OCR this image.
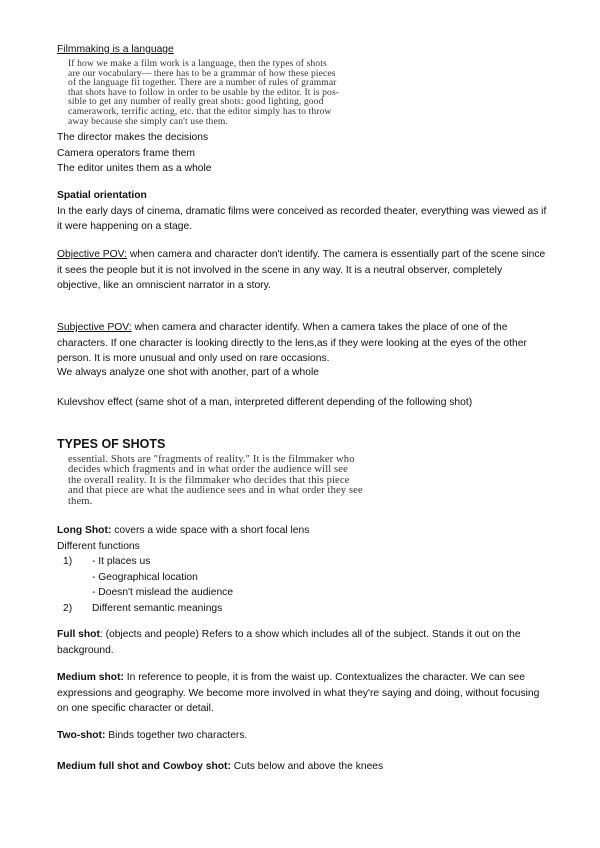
Filmmaking is a language
If how we make a film work is a language, then the types of shots
are our vocabulary— there has to be a grammar of how these pieces
of the language fit together. There are a number of rules of grammar
that shots have to follow in order to be usable by the editor. It is pos-
sible to get any number of really great shots: good lighting, good
camerawork, terrific acting, etc. that the editor simply has to throw
away because she simply can't use them.
The director makes the decisions
Camera operators frame them
The editor unites them as a whole
Spatial orientation
In the early days of cinema, dramatic films were conceived as recorded theater, everything was viewed as if it were happening on a stage.
Objective POV: when camera and character don't identify. The camera is essentially part of the scene since it sees the people but it is not involved in the scene in any way. It is a neutral observer, completely objective, like an omniscient narrator in a story.
Subjective POV: when camera and character identify. When a camera takes the place of one of the characters. If one character is looking directly to the lens,as if they were looking at the eyes of the other person. It is more unusual and only used on rare occasions.
We always analyze one shot with another, part of a whole
Kulevshov effect (same shot of a man, interpreted different depending of the following shot)
TYPES OF SHOTS
essential. Shots are "fragments of reality." It is the filmmaker who
decides which fragments and in what order the audience will see
the overall reality. It is the filmmaker who decides that this piece
and that piece are what the audience sees and in what order they see
them.
Long Shot: covers a wide space with a short focal lens
Different functions
1) - It places us
- Geographical location
- Doesn't mislead the audience
2) Different semantic meanings
Full shot: (objects and people) Refers to a show which includes all of the subject. Stands it out on the background.
Medium shot: In reference to people, it is from the waist up. Contextualizes the character. We can see expressions and geography. We become more involved in what they're saying and doing, without focusing on one specific character or detail.
Two-shot: Binds together two characters.
Medium full shot and Cowboy shot: Cuts below and above the knees
